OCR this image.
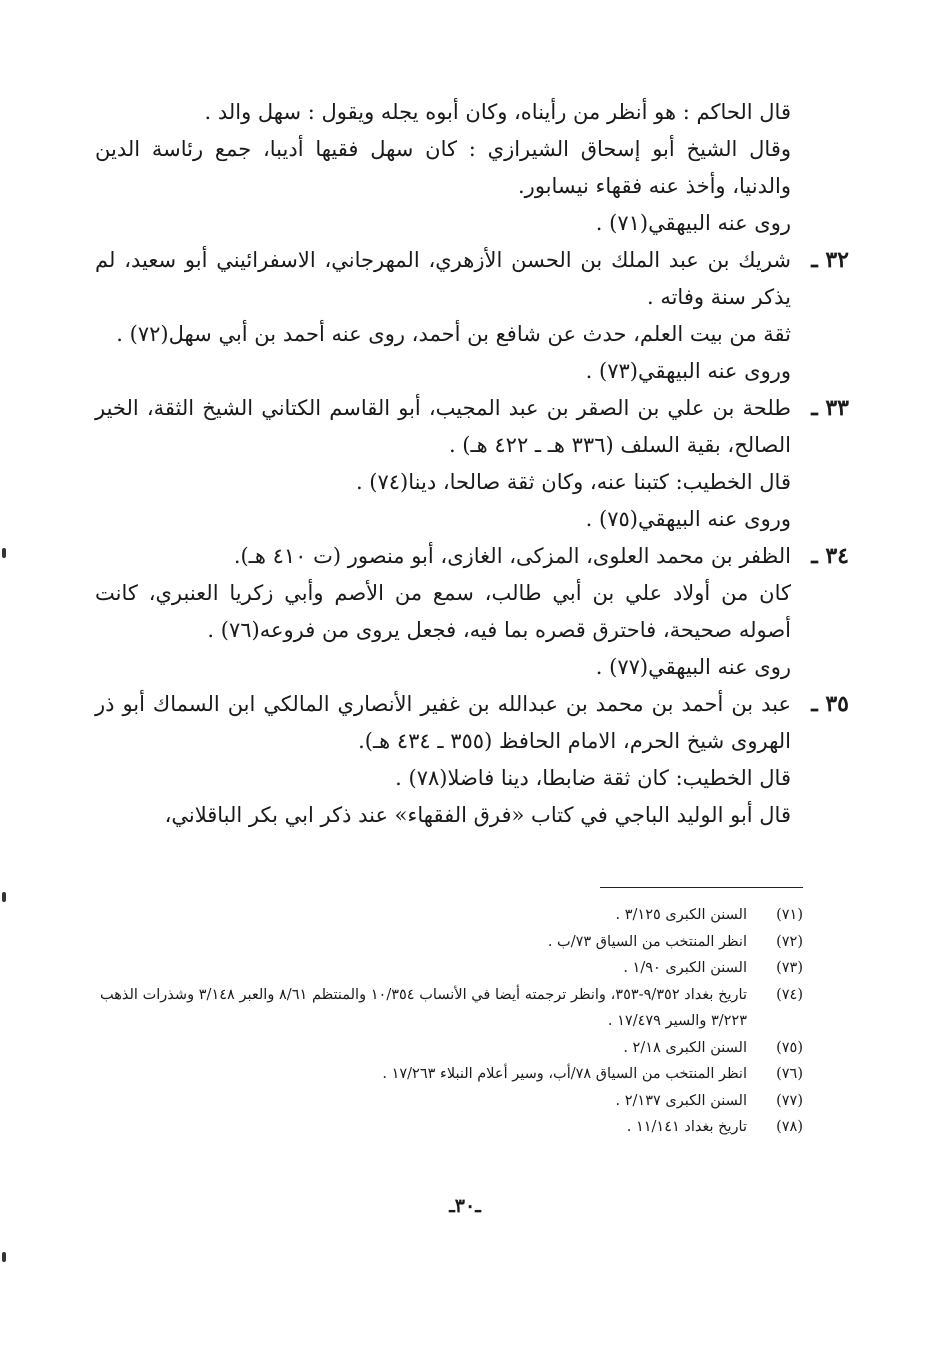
قال الحاكم : هو أنظر من رأيناه، وكان أبوه يجله ويقول : سهل والد .

وقال الشيخ أبو إسحاق الشيرازي : كان سهل فقيها أديبا، جمع رئاسة الدين والدنيا، وأخذ عنه فقهاء نيسابور.

روى عنه البيهقي(٧١) .

٣٢ ـ

شريك بن عبد الملك بن الحسن الأزهري، المهرجاني، الاسفرائيني أبو سعيد، لم يذكر سنة وفاته .

ثقة من بيت العلم، حدث عن شافع بن أحمد، روى عنه أحمد بن أبي سهل(٧٢) .

وروى عنه البيهقي(٧٣) .

٣٣ ـ

طلحة بن علي بن الصقر بن عبد المجيب، أبو القاسم الكتاني الشيخ الثقة، الخير الصالح، بقية السلف (٣٣٦ هـ ـ ٤٢٢ هـ) .

قال الخطيب: كتبنا عنه، وكان ثقة صالحا، دينا(٧٤) .

وروى عنه البيهقي(٧٥) .

٣٤ ـ

الظفر بن محمد العلوى، المزكى، الغازى، أبو منصور (ت ٤١٠ هـ).

كان من أولاد علي بن أبي طالب، سمع من الأصم وأبي زكريا العنبري، كانت أصوله صحيحة، فاحترق قصره بما فيه، فجعل يروى من فروعه(٧٦) .

روى عنه البيهقي(٧٧) .

٣٥ ـ

عبد بن أحمد بن محمد بن عبدالله بن غفير الأنصاري المالكي ابن السماك أبو ذر الهروى شيخ الحرم، الامام الحافظ (٣٥٥ ـ ٤٣٤ هـ).

قال الخطيب: كان ثقة ضابطا، دينا فاضلا(٧٨) .

قال أبو الوليد الباجي في كتاب «فرق الفقهاء» عند ذكر ابي بكر الباقلاني،

(٧١)
السنن الكبرى ٣/١٢٥ .
(٧٢)
انظر المنتخب من السياق ٧٣/ب .
(٧٣)
السنن الكبرى ١/٩٠ .
(٧٤)
تاريخ بغداد ٩/٣٥٢-٣٥٣، وانظر ترجمته أيضا في الأنساب ١٠/٣٥٤ والمنتظم ٨/٦١ والعبر ٣/١٤٨ وشذرات الذهب ٣/٢٢٣ والسير ١٧/٤٧٩ .
(٧٥)
السنن الكبرى ٢/١٨ .
(٧٦)
انظر المنتخب من السياق ٧٨/أب، وسير أعلام النبلاء ١٧/٢٦٣ .
(٧٧)
السنن الكبرى ٢/١٣٧ .
(٧٨)
تاريخ بغداد ١١/١٤١ .
ـ٣٠ـ
